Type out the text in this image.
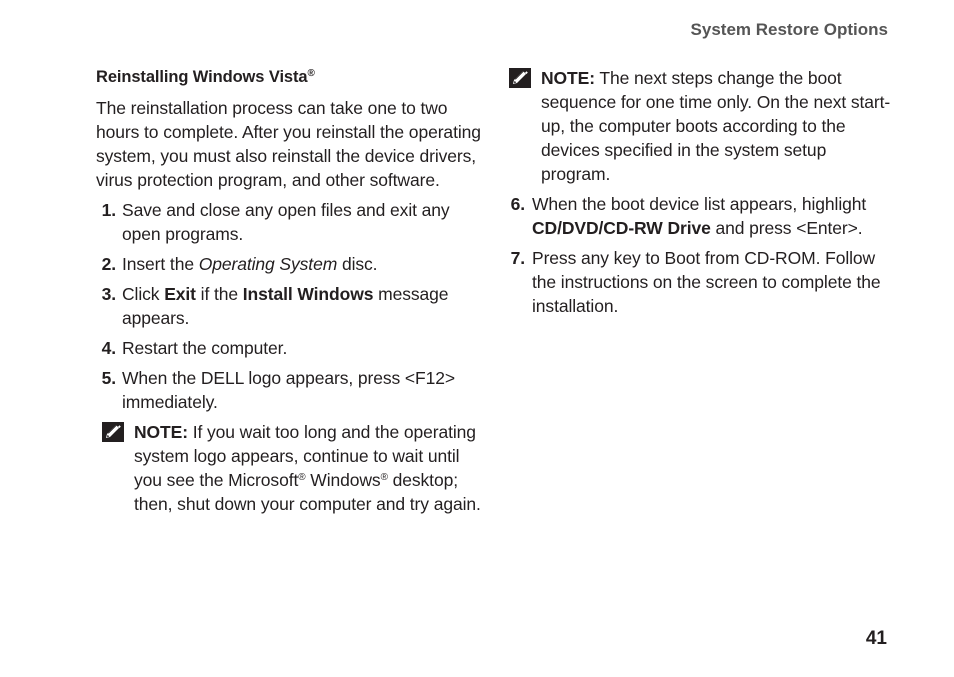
System Restore Options
Reinstalling Windows Vista®

The reinstallation process can take one to two hours to complete. After you reinstall the operating system, you must also reinstall the device drivers, virus protection program, and other software.

1. Save and close any open files and exit any open programs.
2. Insert the Operating System disc.
3. Click Exit if the Install Windows message appears.
4. Restart the computer.
5. When the DELL logo appears, press <F12> immediately.
NOTE: If you wait too long and the operating system logo appears, continue to wait until you see the Microsoft® Windows® desktop; then, shut down your computer and try again.
NOTE: The next steps change the boot sequence for one time only. On the next start-up, the computer boots according to the devices specified in the system setup program.
6. When the boot device list appears, highlight CD/DVD/CD-RW Drive and press <Enter>.
7. Press any key to Boot from CD-ROM. Follow the instructions on the screen to complete the installation.
41
